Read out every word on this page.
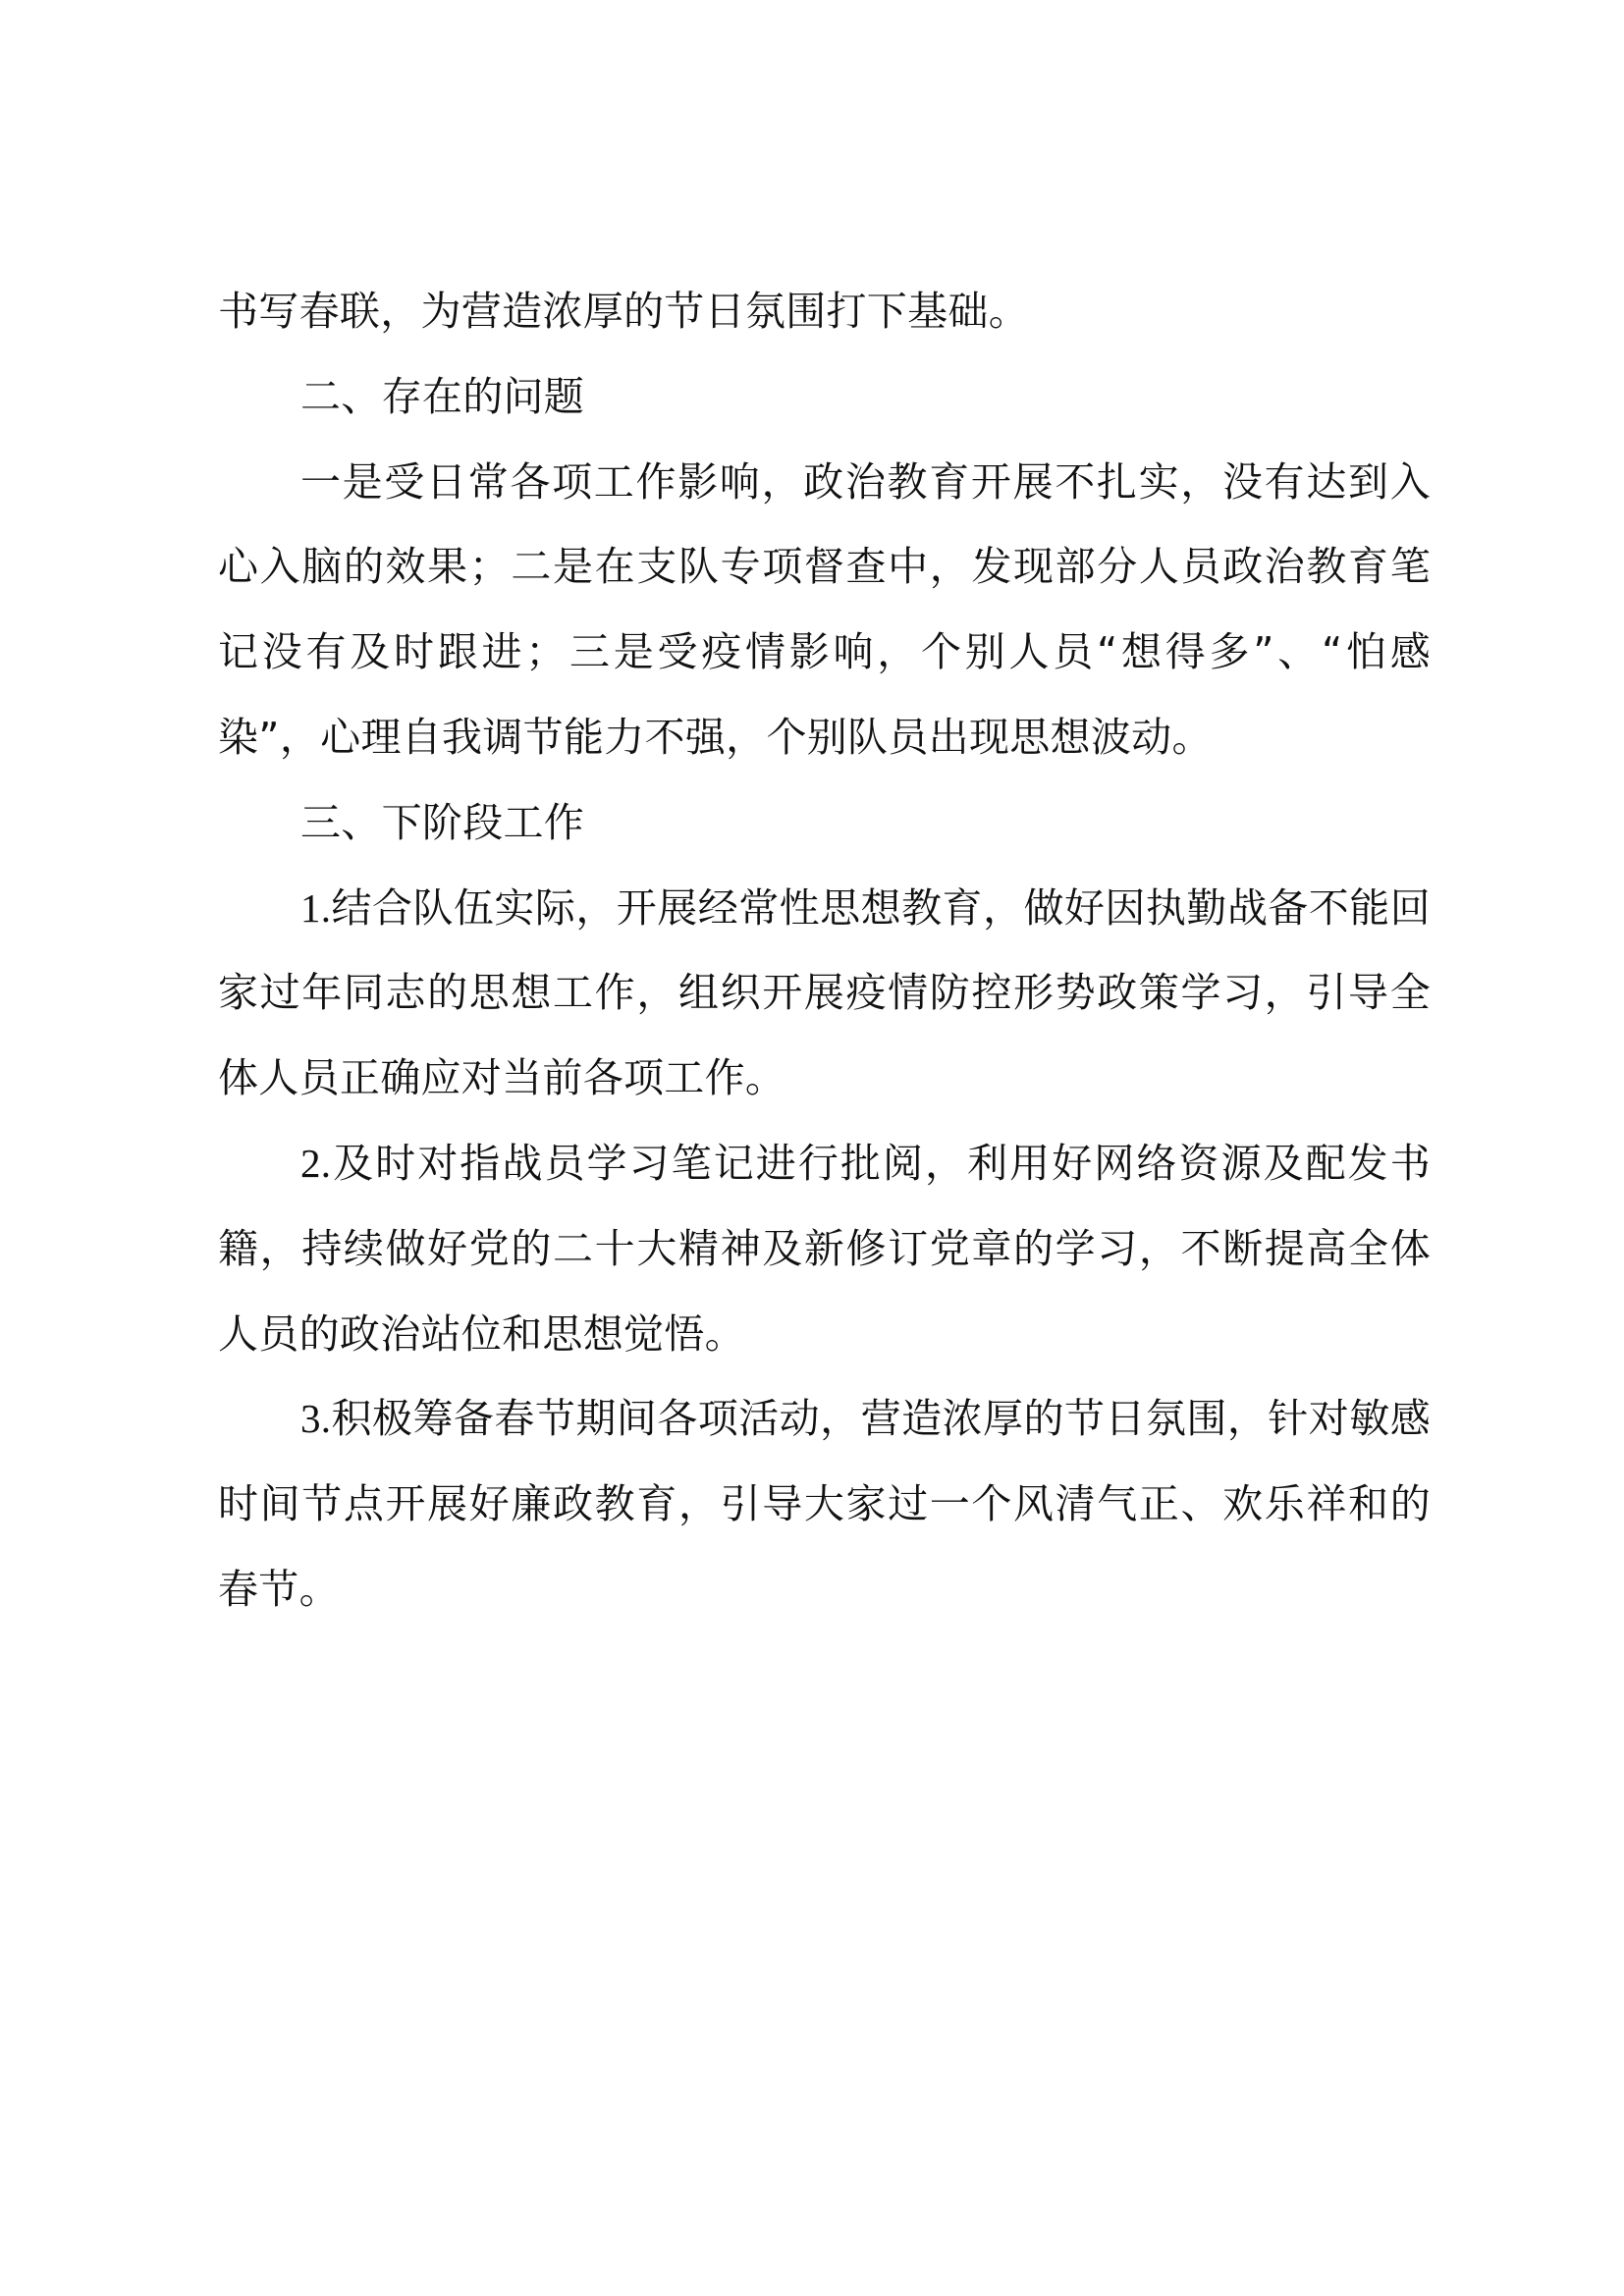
书写春联，为营造浓厚的节日氛围打下基础。

二、存在的问题

一是受日常各项工作影响，政治教育开展不扎实，没有达到入心入脑的效果；二是在支队专项督查中，发现部分人员政治教育笔记没有及时跟进；三是受疫情影响，个别人员“想得多”、“怕感染”，心理自我调节能力不强，个别队员出现思想波动。

三、下阶段工作

1.结合队伍实际，开展经常性思想教育，做好因执勤战备不能回家过年同志的思想工作，组织开展疫情防控形势政策学习，引导全体人员正确应对当前各项工作。

2.及时对指战员学习笔记进行批阅，利用好网络资源及配发书籍，持续做好党的二十大精神及新修订党章的学习，不断提高全体人员的政治站位和思想觉悟。

3.积极筹备春节期间各项活动，营造浓厚的节日氛围，针对敏感时间节点开展好廉政教育，引导大家过一个风清气正、欢乐祥和的春节。
